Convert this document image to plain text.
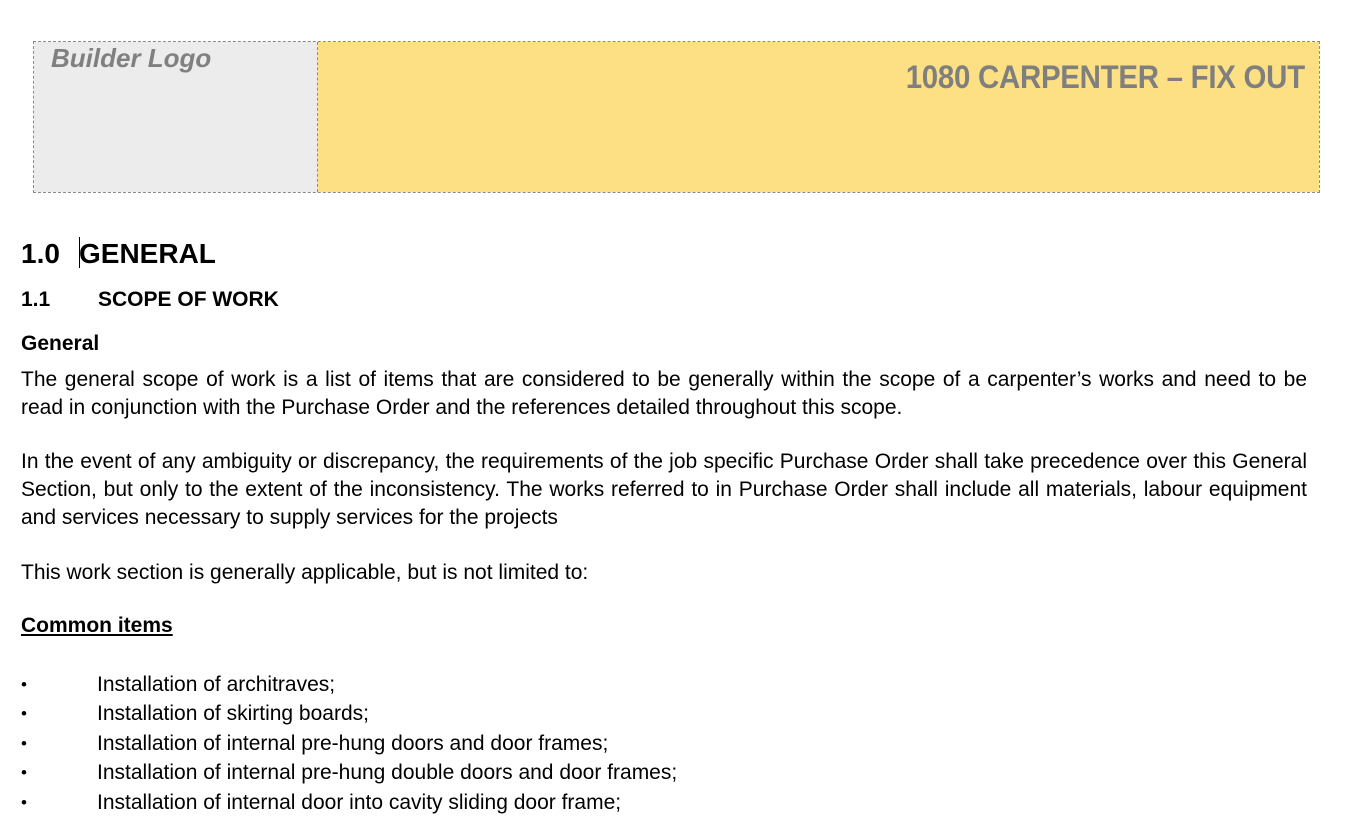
Builder Logo
1080 CARPENTER – FIX OUT
1.0 GENERAL
1.1 SCOPE OF WORK
General
The general scope of work is a list of items that are considered to be generally within the scope of a carpenter’s works and need to be read in conjunction with the Purchase Order and the references detailed throughout this scope.
In the event of any ambiguity or discrepancy, the requirements of the job specific Purchase Order shall take precedence over this General Section, but only to the extent of the inconsistency. The works referred to in Purchase Order shall include all materials, labour equipment and services necessary to supply services for the projects
This work section is generally applicable, but is not limited to:
Common items
•	Installation of architraves;
•	Installation of skirting boards;
•	Installation of internal pre-hung doors and door frames;
•	Installation of internal pre-hung double doors and door frames;
•	Installation of internal door into cavity sliding door frame;
